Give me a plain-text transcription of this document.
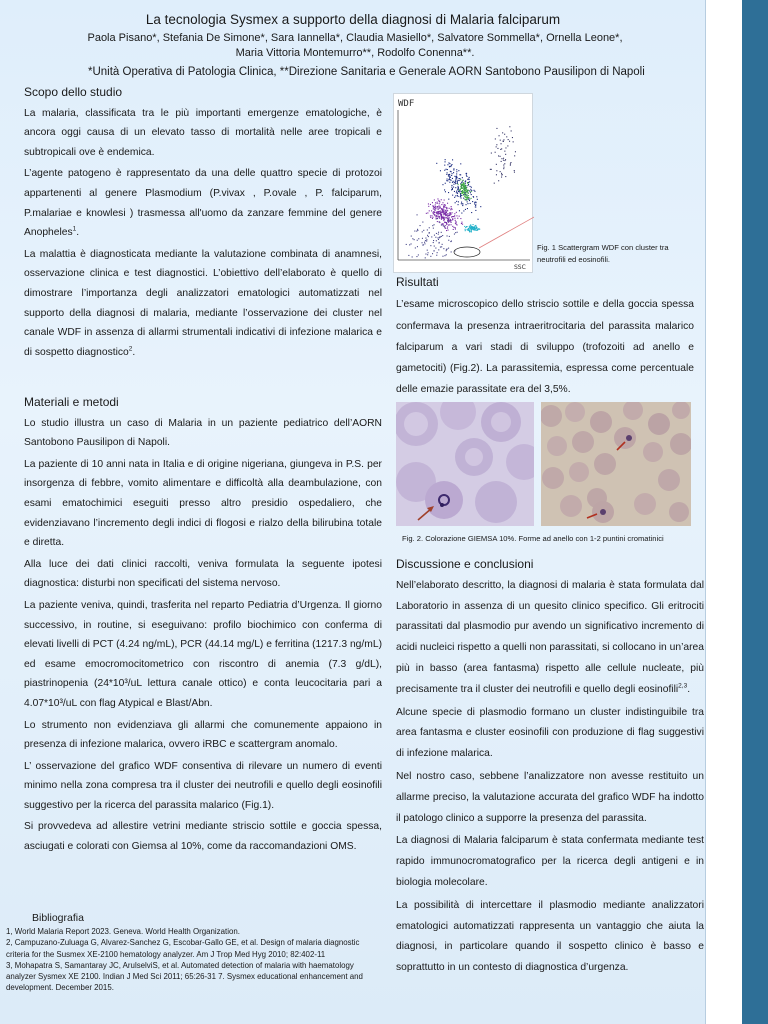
La tecnologia Sysmex a supporto della diagnosi di Malaria falciparum
Paola Pisano*, Stefania De Simone*, Sara Iannella*, Claudia Masiello*, Salvatore Sommella*, Ornella Leone*,
Maria Vittoria Montemurro**, Rodolfo Conenna**.
*Unità Operativa di Patologia Clinica, **Direzione Sanitaria e Generale AORN Santobono Pausilipon di Napoli
Scopo dello studio

La malaria, classificata tra le più importanti emergenze ematologiche, è ancora oggi causa di un elevato tasso di mortalità nelle aree tropicali e subtropicali ove è endemica.

L’agente patogeno è rappresentato da una delle quattro specie di protozoi appartenenti al genere Plasmodium (P.vivax , P.ovale , P. falciparum, P.malariae e knowlesi ) trasmessa all'uomo da zanzare femmine del genere Anopheles$^1$.

La malattia è diagnosticata mediante la valutazione combinata di anamnesi, osservazione clinica e test diagnostici. L’obiettivo dell’elaborato è quello di dimostrare l’importanza degli analizzatori ematologici automatizzati nel supporto della diagnosi di malaria, mediante l’osservazione dei cluster nel canale WDF in assenza di allarmi strumentali indicativi di infezione malarica e di sospetto diagnostico$^2$.

Materiali e metodi

Lo studio illustra un caso di Malaria in un paziente pediatrico dell’AORN Santobono Pausilipon di Napoli.

La paziente di 10 anni nata in Italia e di origine nigeriana, giungeva in P.S. per insorgenza di febbre, vomito alimentare e difficoltà alla deambulazione, con esami ematochimici eseguiti presso altro presidio ospedaliero, che evidenziavano l’incremento degli indici di flogosi e rialzo della bilirubina totale e diretta.

Alla luce dei dati clinici raccolti, veniva formulata la seguente ipotesi diagnostica: disturbi non specificati del sistema nervoso.

La paziente veniva, quindi, trasferita nel reparto Pediatria d’Urgenza. Il giorno successivo, in routine, si eseguivano: profilo biochimico con conferma di elevati livelli di PCT (4.24 ng/mL), PCR (44.14 mg/L) e ferritina (1217.3 ng/mL) ed esame emocromocitometrico con riscontro di anemia (7.3 g/dL), piastrinopenia (24*10³/uL lettura canale ottico) e conta leucocitaria pari a 4.07*10³/uL con flag Atypical e Blast/Abn.

Lo strumento non evidenziava gli allarmi che comunemente appaiono in presenza di infezione malarica, ovvero iRBC e scattergram anomalo.

L’ osservazione del grafico WDF consentiva di rilevare un numero di eventi minimo nella zona compresa tra il cluster dei neutrofili e quello degli eosinofili suggestivo per la ricerca del parassita malarico (Fig.1).

Si provvedeva ad allestire vetrini mediante striscio sottile e goccia spessa, asciugati e colorati con Giemsa al 10%, come da raccomandazioni OMS.

WDF
SSC
Fig. 1 Scattergram WDF con cluster tra neutrofili ed eosinofili.
Risultati

L’esame microscopico dello striscio sottile e della goccia spessa confermava la presenza intraeritrocitaria del parassita malarico falciparum a vari stadi di sviluppo (trofozoiti ad anello e gametociti) (Fig.2). La parassitemia, espressa come percentuale delle emazie parassitate era del 3,5%.

Fig. 2. Colorazione GIEMSA 10%. Forme ad anello con 1-2 puntini cromatinici
Discussione e conclusioni

Nell’elaborato descritto, la diagnosi di malaria è stata formulata dal Laboratorio in assenza di un quesito clinico specifico. Gli eritrociti parassitati dal plasmodio pur avendo un significativo incremento di acidi nucleici rispetto a quelli non parassitati, si collocano in un’area più in basso (area fantasma) rispetto alle cellule nucleate, più precisamente tra il cluster dei neutrofili e quello degli eosinofili$^{2,3}$.

Alcune specie di plasmodio formano un cluster indistinguibile tra area fantasma e cluster eosinofili con produzione di flag suggestivi di infezione malarica.

Nel nostro caso, sebbene l’analizzatore non avesse restituito un allarme preciso, la valutazione accurata del grafico WDF ha indotto il patologo clinico a supporre la presenza del parassita.

La diagnosi di Malaria falciparum è stata confermata mediante test rapido immunocromatografico per la ricerca degli antigeni e in biologia molecolare.

La possibilità di intercettare il plasmodio mediante analizzatori ematologici automatizzati rappresenta un vantaggio che aiuta la diagnosi, in particolare quando il sospetto clinico è basso e soprattutto in un contesto di diagnostica d’urgenza.

Bibliografia
1, World Malaria Report 2023. Geneva. World Health Organization.
2, Campuzano-Zuluaga G, Alvarez-Sanchez G, Escobar-Gallo GE, et al. Design of malaria diagnostic criteria for the Susmex XE-2100 hematology analyzer. Am J Trop Med Hyg 2010; 82:402-11
3, Mohapatra S, Samantaray JC, ArulselviS, et al. Automated detection of malaria with haematology analyzer Sysmex XE 2100. Indian J Med Sci 2011; 65:26-31 7. Sysmex educational enhancement and development. December 2015.
